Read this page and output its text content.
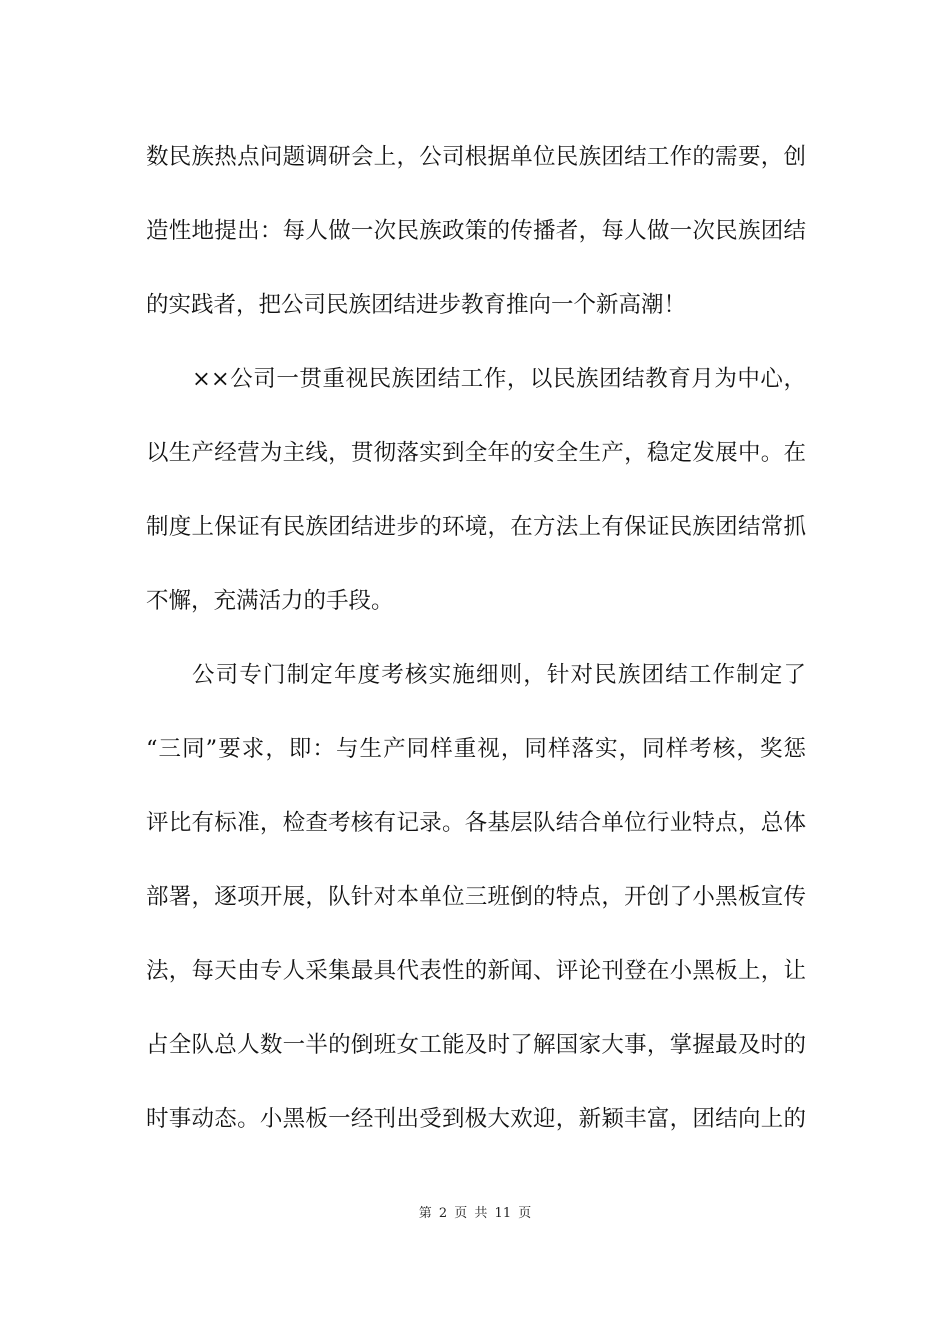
数民族热点问题调研会上，公司根据单位民族团结工作的需要，创
造性地提出：每人做一次民族政策的传播者，每人做一次民族团结
的实践者，把公司民族团结进步教育推向一个新高潮！
××公司一贯重视民族团结工作，以民族团结教育月为中心，
以生产经营为主线，贯彻落实到全年的安全生产，稳定发展中。在
制度上保证有民族团结进步的环境，在方法上有保证民族团结常抓
不懈，充满活力的手段。
公司专门制定年度考核实施细则，针对民族团结工作制定了
“三同”要求，即：与生产同样重视，同样落实，同样考核，奖惩
评比有标准，检查考核有记录。各基层队结合单位行业特点，总体
部署，逐项开展，队针对本单位三班倒的特点，开创了小黑板宣传
法，每天由专人采集最具代表性的新闻、评论刊登在小黑板上，让
占全队总人数一半的倒班女工能及时了解国家大事，掌握最及时的
时事动态。小黑板一经刊出受到极大欢迎，新颖丰富，团结向上的
第 2 页 共 11 页
